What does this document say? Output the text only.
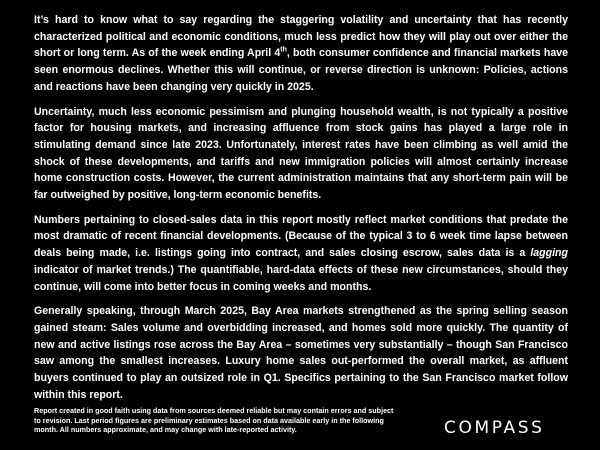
It’s hard to know what to say regarding the staggering volatility and uncertainty that has recently characterized political and economic conditions, much less predict how they will play out over either the short or long term. As of the week ending April 4th, both consumer confidence and financial markets have seen enormous declines. Whether this will continue, or reverse direction is unknown: Policies, actions and reactions have been changing very quickly in 2025.

Uncertainty, much less economic pessimism and plunging household wealth, is not typically a positive factor for housing markets, and increasing affluence from stock gains has played a large role in stimulating demand since late 2023. Unfortunately, interest rates have been climbing as well amid the shock of these developments, and tariffs and new immigration policies will almost certainly increase home construction costs. However, the current administration maintains that any short-term pain will be far outweighed by positive, long-term economic benefits.

Numbers pertaining to closed-sales data in this report mostly reflect market conditions that predate the most dramatic of recent financial developments. (Because of the typical 3 to 6 week time lapse between deals being made, i.e. listings going into contract, and sales closing escrow, sales data is a lagging indicator of market trends.) The quantifiable, hard-data effects of these new circumstances, should they continue, will come into better focus in coming weeks and months.

Generally speaking, through March 2025, Bay Area markets strengthened as the spring selling season gained steam: Sales volume and overbidding increased, and homes sold more quickly. The quantity of new and active listings rose across the Bay Area – sometimes very substantially – though San Francisco saw among the smallest increases. Luxury home sales out-performed the overall market, as affluent buyers continued to play an outsized role in Q1. Specifics pertaining to the San Francisco market follow within this report.

Report created in good faith using data from sources deemed reliable but may contain errors and subject to revision. Last period figures are preliminary estimates based on data available early in the following month. All numbers approximate, and may change with late-reported activity.	COMPASS
